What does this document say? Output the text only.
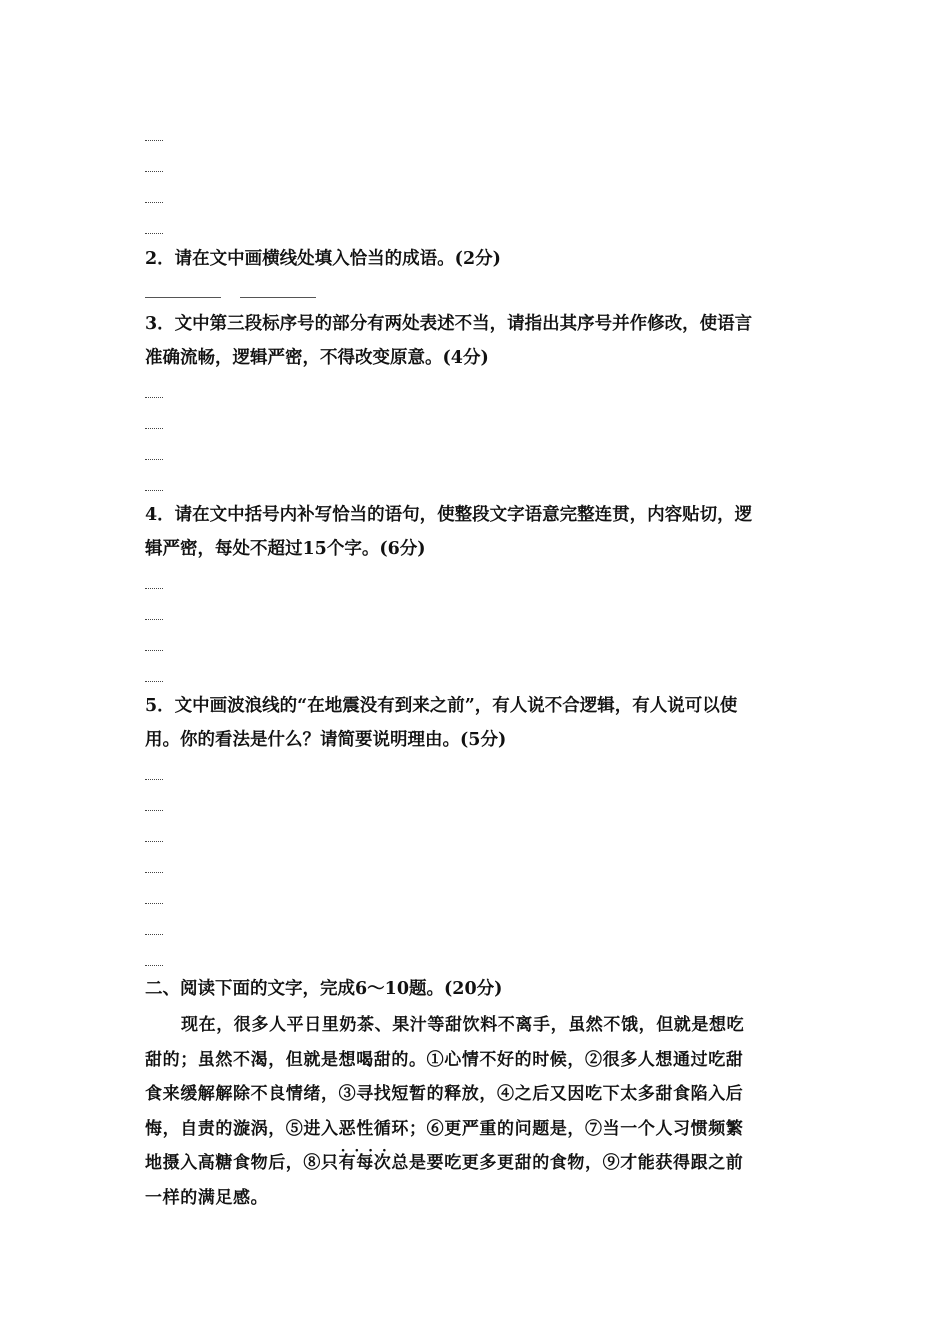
2．请在文中画横线处填入恰当的成语。(2分)

3．文中第三段标序号的部分有两处表述不当，请指出其序号并作修改，使语言
准确流畅，逻辑严密，不得改变原意。(4分)

4．请在文中括号内补写恰当的语句，使整段文字语意完整连贯，内容贴切，逻
辑严密，每处不超过15个字。(6分)

5．文中画波浪线的“在地震没有到来之前”，有人说不合逻辑，有人说可以使
用。你的看法是什么？请简要说明理由。(5分)

二、阅读下面的文字，完成6～10题。(20分)

现在，很多人平日里奶茶、果汁等甜饮料不离手，虽然不饿，但就是想吃
甜的；虽然不渴，但就是想喝甜的。①心情不好的时候，②很多人想通过吃甜
食来缓解解除不良情绪，③寻找短暂的释放，④之后又因吃下太多甜食陷入后
悔，自责的漩涡，⑤进入恶性循环 · · ；⑥更严重的问题是，⑦当一个人习惯频繁
地摄入高糖食物后，⑧只有每次总是要吃更多更甜的食物，⑨才能获得跟之前
一样的满足感。
